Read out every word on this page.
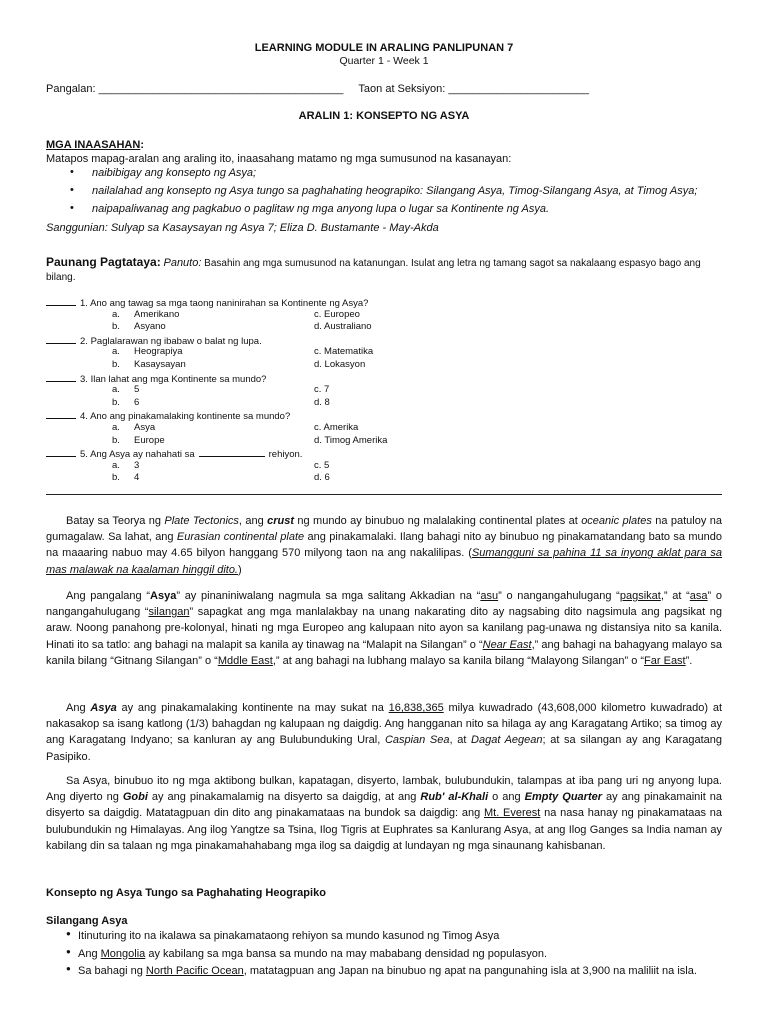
LEARNING MODULE IN ARALING PANLIPUNAN 7
Quarter 1 - Week 1
Pangalan: ________________________________________ Taon at Seksiyon: _______________________
ARALIN 1: KONSEPTO NG ASYA
MGA INAASAHAN:
Matapos mapag-aralan ang araling ito, inaasahang matamo ng mga sumusunod na kasanayan:
• naibibigay ang konsepto ng Asya;
• nailalahad ang konsepto ng Asya tungo sa paghahating heograpiko: Silangang Asya, Timog-Silangang Asya, at Timog Asya;
• naipapaliwanag ang pagkabuo o paglitaw ng mga anyong lupa o lugar sa Kontinente ng Asya.
Sanggunian: Sulyap sa Kasaysayan ng Asya 7; Eliza D. Bustamante - May-Akda
Paunang Pagtataya: Panuto: Basahin ang mga sumusunod na katanungan. Isulat ang letra ng tamang sagot sa nakalaang espasyo bago ang bilang.
1. Ano ang tawag sa mga taong naninirahan sa Kontinente ng Asya?
a. Amerikano	c. Europeo
b. Asyano	d. Australiano
2. Paglalarawan ng ibabaw o balat ng lupa.
a. Heograpiya	c. Matematika
b. Kasaysayan	d. Lokasyon
3. Ilan lahat ang mga Kontinente sa mundo?
a. 5	c. 7
b. 6	d. 8
4. Ano ang pinakamalaking kontinente sa mundo?
a. Asya	c. Amerika
b. Europe	d. Timog Amerika
5. Ang Asya ay nahahati sa	rehiyon.
a. 3	c. 5
b. 4	d. 6

Batay sa Teorya ng Plate Tectonics, ang crust ng mundo ay binubuo ng malalaking continental plates at oceanic plates na patuloy na gumagalaw. Sa lahat, ang Eurasian continental plate ang pinakamalaki. Ilang bahagi nito ay binubuo ng pinakamatandang bato sa mundo na maaaring nabuo may 4.65 bilyon hanggang 570 milyong taon na ang nakalilipas. (Sumangguni sa pahina 11 sa inyong aklat para sa mas malawak na kaalaman hinggil dito.)

Ang pangalang “Asya” ay pinaniniwalang nagmula sa mga salitang Akkadian na “asu” o nangangahulugang “pagsikat,” at “asa” o nangangahulugang “silangan” sapagkat ang mga manlalakbay na unang nakarating dito ay nagsabing dito nagsimula ang pagsikat ng araw. Noong panahong pre-kolonyal, hinati ng mga Europeo ang kalupaan nito ayon sa kanilang pag-unawa ng distansiya nito sa kanila. Hinati ito sa tatlo: ang bahagi na malapit sa kanila ay tinawag na “Malapit na Silangan” o “Near East,” ang bahagi na bahagyang malayo sa kanila bilang “Gitnang Silangan” o “Mddle East,” at ang bahagi na lubhang malayo sa kanila bilang “Malayong Silangan” o “Far East”.

Ang Asya ay ang pinakamalaking kontinente na may sukat na 16,838,365 milya kuwadrado (43,608,000 kilometro kuwadrado) at nakasakop sa isang katlong (1/3) bahagdan ng kalupaan ng daigdig. Ang hangganan nito sa hilaga ay ang Karagatang Artiko; sa timog ay ang Karagatang Indyano; sa kanluran ay ang Bulubunduking Ural, Caspian Sea, at Dagat Aegean; at sa silangan ay ang Karagatang Pasipiko.

Sa Asya, binubuo ito ng mga aktibong bulkan, kapatagan, disyerto, lambak, bulubundukin, talampas at iba pang uri ng anyong lupa. Ang diyerto ng Gobi ay ang pinakamalamig na disyerto sa daigdig, at ang Rub' al-Khali o ang Empty Quarter ay ang pinakamainit na disyerto sa daigdig. Matatagpuan din dito ang pinakamataas na bundok sa daigdig: ang Mt. Everest na nasa hanay ng pinakamataas na bulubundukin ng Himalayas. Ang ilog Yangtze sa Tsina, Ilog Tigris at Euphrates sa Kanlurang Asya, at ang Ilog Ganges sa India naman ay kabilang din sa talaan ng mga pinakamahahabang mga ilog sa daigdig at lundayan ng mga sinaunang kahisbanan.

Konsepto ng Asya Tungo sa Paghahating Heograpiko
Silangang Asya
● Itinuturing ito na ikalawa sa pinakamataong rehiyon sa mundo kasunod ng Timog Asya
● Ang Mongolia ay kabilang sa mga bansa sa mundo na may mababang densidad ng populasyon.
● Sa bahagi ng North Pacific Ocean, matatagpuan ang Japan na binubuo ng apat na pangunahing isla at 3,900 na maliliit na isla.
